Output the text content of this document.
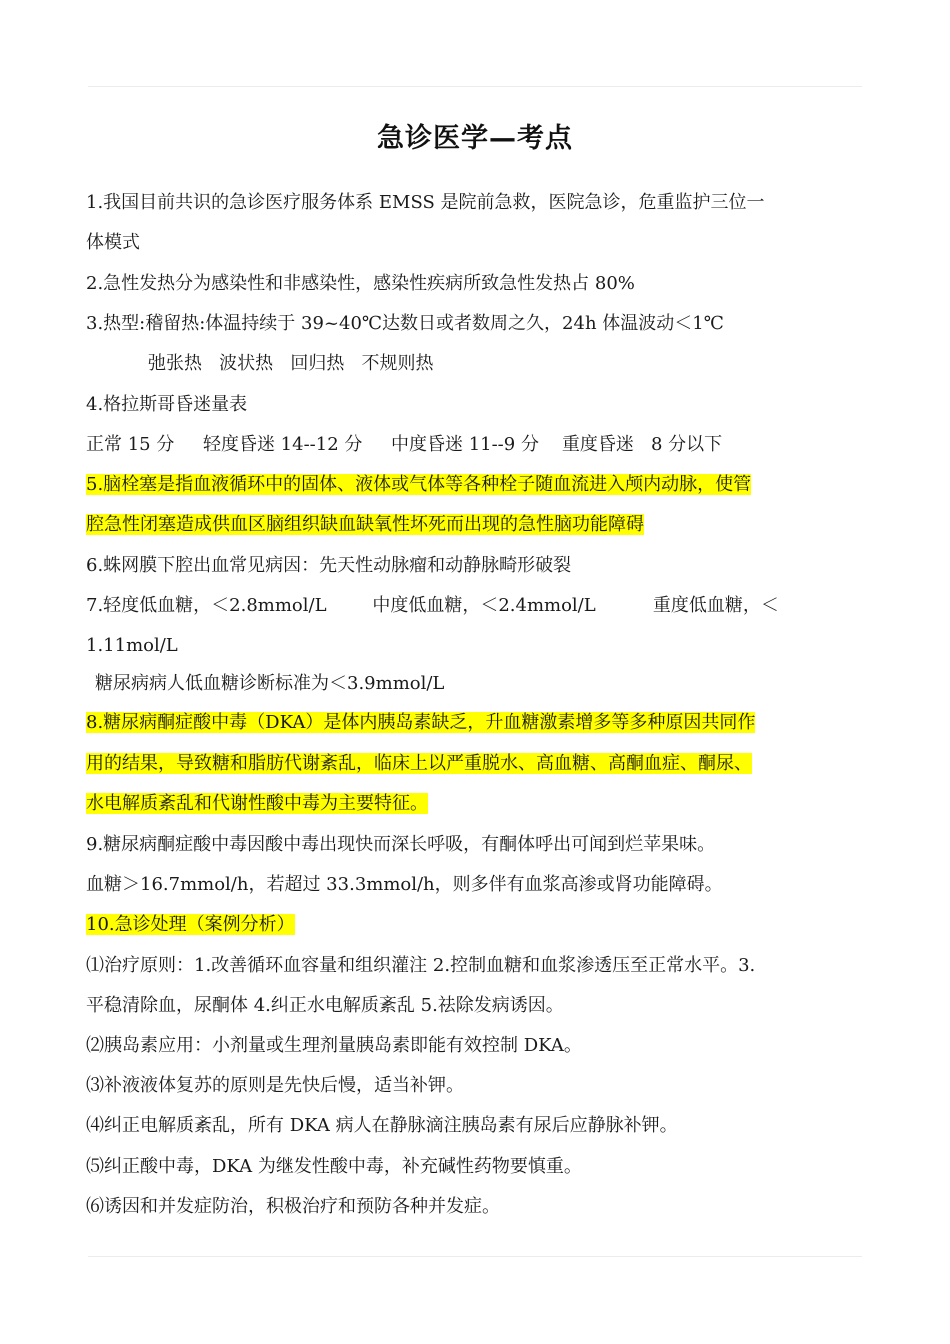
急诊医学—考点
1.我国目前共识的急诊医疗服务体系 EMSS 是院前急救，医院急诊，危重监护三位一
体模式
2.急性发热分为感染性和非感染性，感染性疾病所致急性发热占 80%
3.热型:稽留热:体温持续于 39~40℃达数日或者数周之久，24h 体温波动＜1℃
弛张热   波状热   回归热   不规则热
4.格拉斯哥昏迷量表
正常 15 分     轻度昏迷 14--12 分     中度昏迷 11--9 分    重度昏迷   8 分以下
5.脑栓塞是指血液循环中的固体、液体或气体等各种栓子随血流进入颅内动脉，使管
腔急性闭塞造成供血区脑组织缺血缺氧性坏死而出现的急性脑功能障碍
6.蛛网膜下腔出血常见病因：先天性动脉瘤和动静脉畸形破裂
7.轻度低血糖，＜2.8mmol/L        中度低血糖，＜2.4mmol/L          重度低血糖，＜
1.11mol/L
糖尿病病人低血糖诊断标准为＜3.9mmol/L
8.糖尿病酮症酸中毒（DKA）是体内胰岛素缺乏，升血糖激素增多等多种原因共同作
用的结果，导致糖和脂肪代谢紊乱，临床上以严重脱水、高血糖、高酮血症、酮尿、
水电解质紊乱和代谢性酸中毒为主要特征。
9.糖尿病酮症酸中毒因酸中毒出现快而深长呼吸，有酮体呼出可闻到烂苹果味。
血糖＞16.7mmol/h，若超过 33.3mmol/h，则多伴有血浆高渗或肾功能障碍。
10.急诊处理（案例分析）
⑴治疗原则：1.改善循环血容量和组织灌注 2.控制血糖和血浆渗透压至正常水平。3.
平稳清除血，尿酮体 4.纠正水电解质紊乱 5.祛除发病诱因。
⑵胰岛素应用：小剂量或生理剂量胰岛素即能有效控制 DKA。
⑶补液液体复苏的原则是先快后慢，适当补钾。
⑷纠正电解质紊乱，所有 DKA 病人在静脉滴注胰岛素有尿后应静脉补钾。
⑸纠正酸中毒，DKA 为继发性酸中毒，补充碱性药物要慎重。
⑹诱因和并发症防治，积极治疗和预防各种并发症。
